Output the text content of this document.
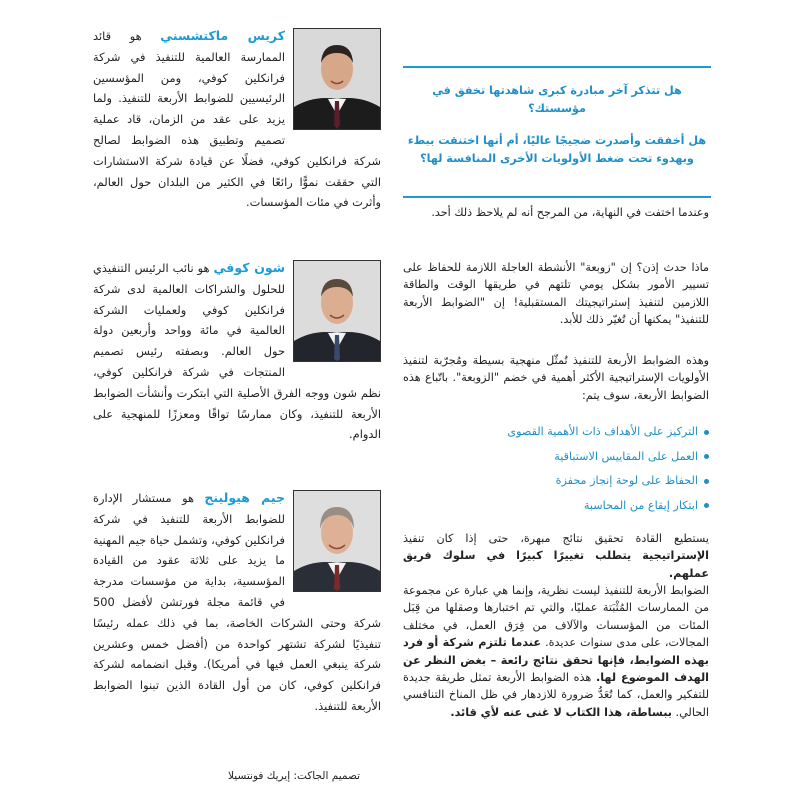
كريس ماكتشسني هو قائد الممارسة العالمية للتنفيذ في شركة فرانكلين كوفي، ومن المؤسسين الرئيسيين للضوابط الأربعة للتنفيذ. ولما يزيد على عقد من الزمان، قاد عملية تصميم وتطبيق هذه الضوابط لصالح شركة فرانكلين كوفي، فضلًا عن قيادة شركة الاستشارات التي حققت نموًّا رائعًا في الكثير من البلدان حول العالم، وأثرت في مئات المؤسسات.

شون كوفي هو نائب الرئيس التنفيذي للحلول والشراكات العالمية لدى شركة فرانكلين كوفي ولعمليات الشركة العالمية في مائة وواحد وأربعين دولة حول العالم. وبصفته رئيس تصميم المنتجات في شركة فرانكلين كوفي، نظم شون ووجه الفرق الأصلية التي ابتكرت وأنشأت الضوابط الأربعة للتنفيذ، وكان ممارسًا تواقًا ومعززًا للمنهجية على الدوام.

جيم هيولينج هو مستشار الإدارة للضوابط الأربعة للتنفيذ في شركة فرانكلين كوفي، وتشمل حياة جيم المهنية ما يزيد على ثلاثة عقود من القيادة المؤسسية، بداية من مؤسسات مدرجة في قائمة مجلة فورتشن لأفضل 500 شركة وحتى الشركات الخاصة، بما في ذلك عمله رئيسًا تنفيذيًا لشركة تشتهر كواحدة من (أفضل خمس وعشرين شركة ينبغي العمل فيها في أمريكا). وقبل انضمامه لشركة فرانكلين كوفي، كان من أول القادة الذين تبنوا الضوابط الأربعة للتنفيذ.

هل تتذكر آخر مبادرة كبرى شاهدتها تخفق في مؤسستك؟
هل أخفقت وأصدرت ضجيجًا عاليًا، أم أنها اختنقت ببطء وبهدوء تحت ضغط الأولويات الأخرى المنافسة لها؟

وعندما اختفت في النهاية، من المرجح أنه لم يلاحظ ذلك أحد.

ماذا حدث إذن؟ إن "زوبعة" الأنشطة العاجلة اللازمة للحفاظ على تسيير الأمور بشكل يومي تلتهم في طريقها الوقت والطاقة اللازمين لتنفيذ إستراتيجيتك المستقبلية! إن "الضوابط الأربعة للتنفيذ" يمكنها أن تُغيّر ذلك للأبد.

وهذه الضوابط الأربعة للتنفيذ تُمثّل منهجية بسيطة ومُجرّبة لتنفيذ الأولويات الإستراتيجية الأكثر أهمية في خضم "الزوبعة". باتّباع هذه الضوابط الأربعة، سوف يتم:

التركيز على الأهداف ذات الأهمية القصوى
العمل على المقاييس الاستباقية
الحفاظ على لوحة إنجاز محفزة
ابتكار إيقاع من المحاسبة

يستطيع القادة تحقيق نتائج مبهرة، حتى إذا كان تنفيذ الإستراتيجية يتطلب تغييرًا كبيرًا في سلوك فريق عملهم.

الضوابط الأربعة للتنفيذ ليست نظرية، وإنما هي عبارة عن مجموعة من الممارسات المُثْبَتة عمليًا، والتي تم اختبارها وصقلها من قِبَل المئات من المؤسسات والآلاف من فِرَق العمل، في مختلف المجالات، على مدى سنوات عديدة. عندما تلتزم شركة أو فرد بهذه الضوابط، فإنها تحقق نتائج رائعة – بغض النظر عن الهدف الموضوع لها. هذه الضوابط الأربعة تمثل طريقة جديدة للتفكير والعمل، كما تُعَدُّ ضرورة للازدهار في ظل المناخ التنافسي الحالي. ببساطة، هذا الكتاب لا غنى عنه لأي قائد.

تصميم الجاكت: إيريك فونتسيلا
